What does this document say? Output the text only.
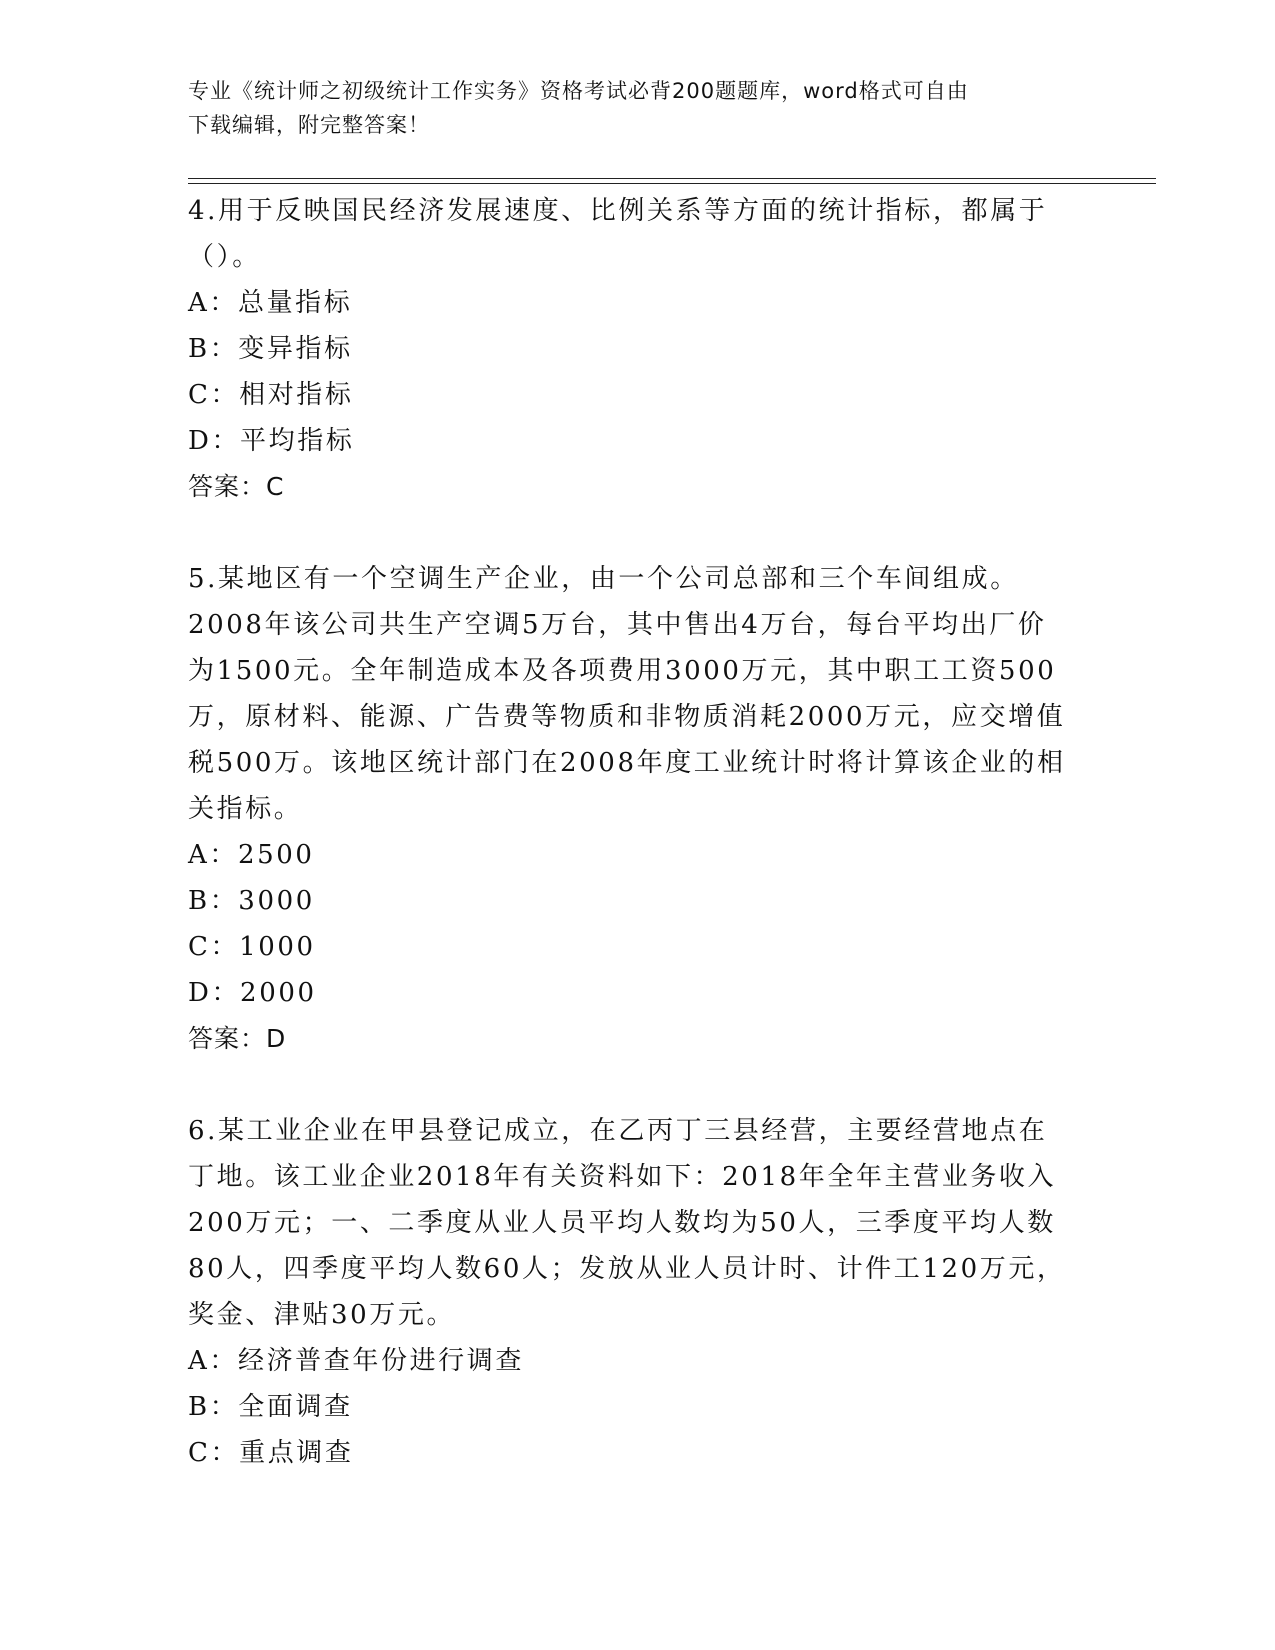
专业《统计师之初级统计工作实务》资格考试必背200题题库，word格式可自由
下载编辑，附完整答案！
4.用于反映国民经济发展速度、比例关系等方面的统计指标，都属于
（）。
A：总量指标
B：变异指标
C：相对指标
D：平均指标
答案：C
5.某地区有一个空调生产企业，由一个公司总部和三个车间组成。
2008年该公司共生产空调5万台，其中售出4万台，每台平均出厂价
为1500元。全年制造成本及各项费用3000万元，其中职工工资500
万，原材料、能源、广告费等物质和非物质消耗2000万元，应交增值
税500万。该地区统计部门在2008年度工业统计时将计算该企业的相
关指标。
A：2500
B：3000
C：1000
D：2000
答案：D
6.某工业企业在甲县登记成立，在乙丙丁三县经营，主要经营地点在
丁地。该工业企业2018年有关资料如下：2018年全年主营业务收入
200万元；一、二季度从业人员平均人数均为50人，三季度平均人数
80人，四季度平均人数60人；发放从业人员计时、计件工120万元，
奖金、津贴30万元。
A：经济普查年份进行调查
B：全面调查
C：重点调查
